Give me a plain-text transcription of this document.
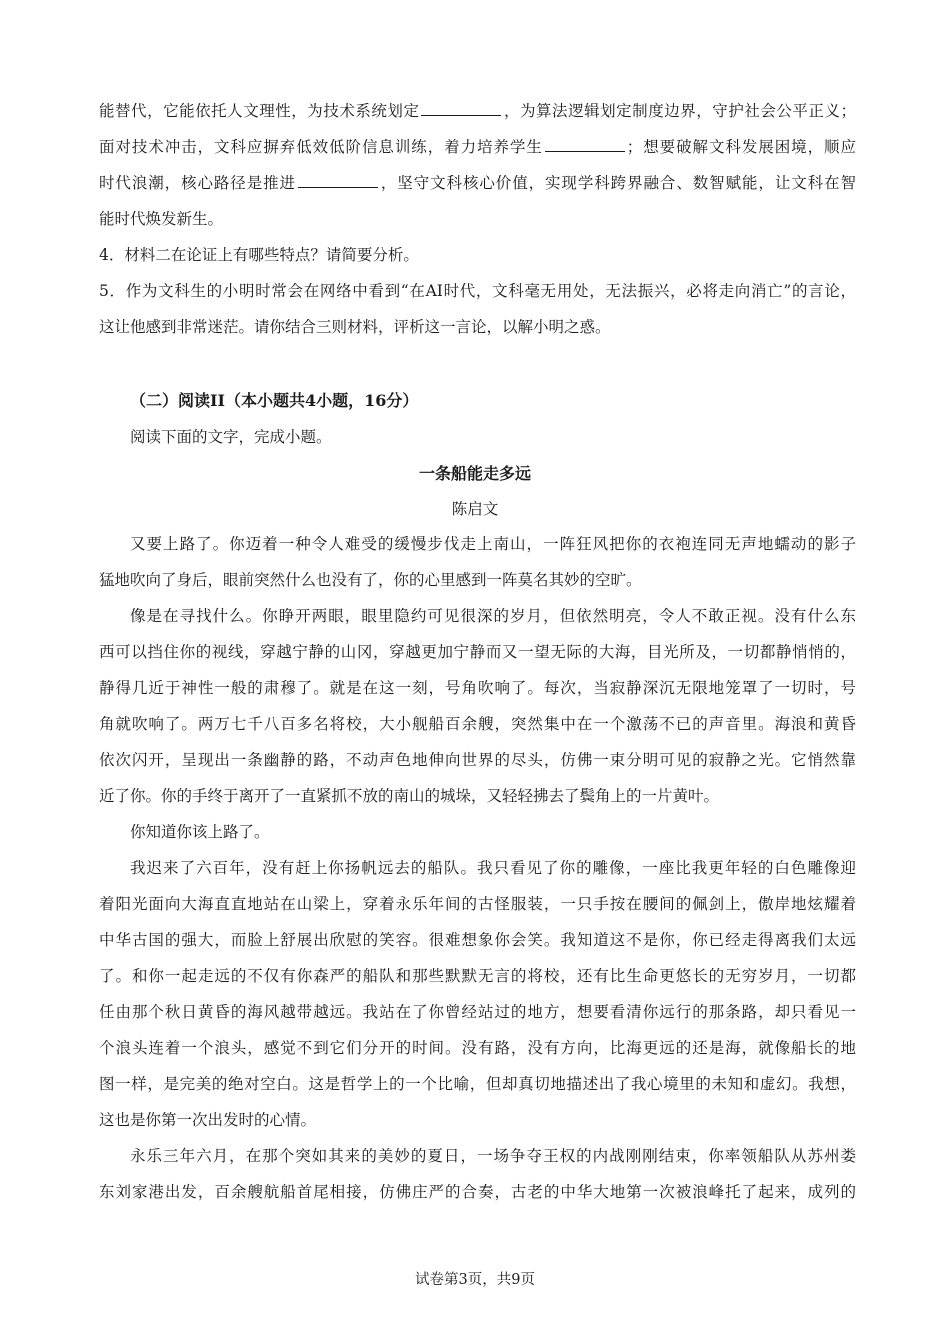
能替代，它能依托人文理性，为技术系统划定	，为算法逻辑划定制度边界，守护社会公平正义；
面对技术冲击，文科应摒弃低效低阶信息训练，着力培养学生	；想要破解文科发展困境，顺应
时代浪潮，核心路径是推进	，坚守文科核心价值，实现学科跨界融合、数智赋能，让文科在智
能时代焕发新生。
4．材料二在论证上有哪些特点？请简要分析。
5．作为文科生的小明时常会在网络中看到“在AI时代，文科毫无用处，无法振兴，必将走向消亡”的言论，
这让他感到非常迷茫。请你结合三则材料，评析这一言论，以解小明之惑。
（二）阅读II（本小题共4小题，16分）
阅读下面的文字，完成小题。
一条船能走多远
陈启文
又要上路了。你迈着一种令人难受的缓慢步伐走上南山，一阵狂风把你的衣袍连同无声地蠕动的影子
猛地吹向了身后，眼前突然什么也没有了，你的心里感到一阵莫名其妙的空旷。
像是在寻找什么。你睁开两眼，眼里隐约可见很深的岁月，但依然明亮，令人不敢正视。没有什么东
西可以挡住你的视线，穿越宁静的山冈，穿越更加宁静而又一望无际的大海，目光所及，一切都静悄悄的，
静得几近于神性一般的肃穆了。就是在这一刻，号角吹响了。每次，当寂静深沉无限地笼罩了一切时，号
角就吹响了。两万七千八百多名将校，大小舰船百余艘，突然集中在一个激荡不已的声音里。海浪和黄昏
依次闪开，呈现出一条幽静的路，不动声色地伸向世界的尽头，仿佛一束分明可见的寂静之光。它悄然靠
近了你。你的手终于离开了一直紧抓不放的南山的城垛，又轻轻拂去了鬓角上的一片黄叶。
你知道你该上路了。
我迟来了六百年，没有赶上你扬帆远去的船队。我只看见了你的雕像，一座比我更年轻的白色雕像迎
着阳光面向大海直直地站在山梁上，穿着永乐年间的古怪服装，一只手按在腰间的佩剑上，傲岸地炫耀着
中华古国的强大，而脸上舒展出欣慰的笑容。很难想象你会笑。我知道这不是你，你已经走得离我们太远
了。和你一起走远的不仅有你森严的船队和那些默默无言的将校，还有比生命更悠长的无穷岁月，一切都
任由那个秋日黄昏的海风越带越远。我站在了你曾经站过的地方，想要看清你远行的那条路，却只看见一
个浪头连着一个浪头，感觉不到它们分开的时间。没有路，没有方向，比海更远的还是海，就像船长的地
图一样，是完美的绝对空白。这是哲学上的一个比喻，但却真切地描述出了我心境里的未知和虚幻。我想，
这也是你第一次出发时的心情。
永乐三年六月，在那个突如其来的美妙的夏日，一场争夺王权的内战刚刚结束，你率领船队从苏州娄
东刘家港出发，百余艘航船首尾相接，仿佛庄严的合奏，古老的中华大地第一次被浪峰托了起来，成列的
试卷第3页，共9页
